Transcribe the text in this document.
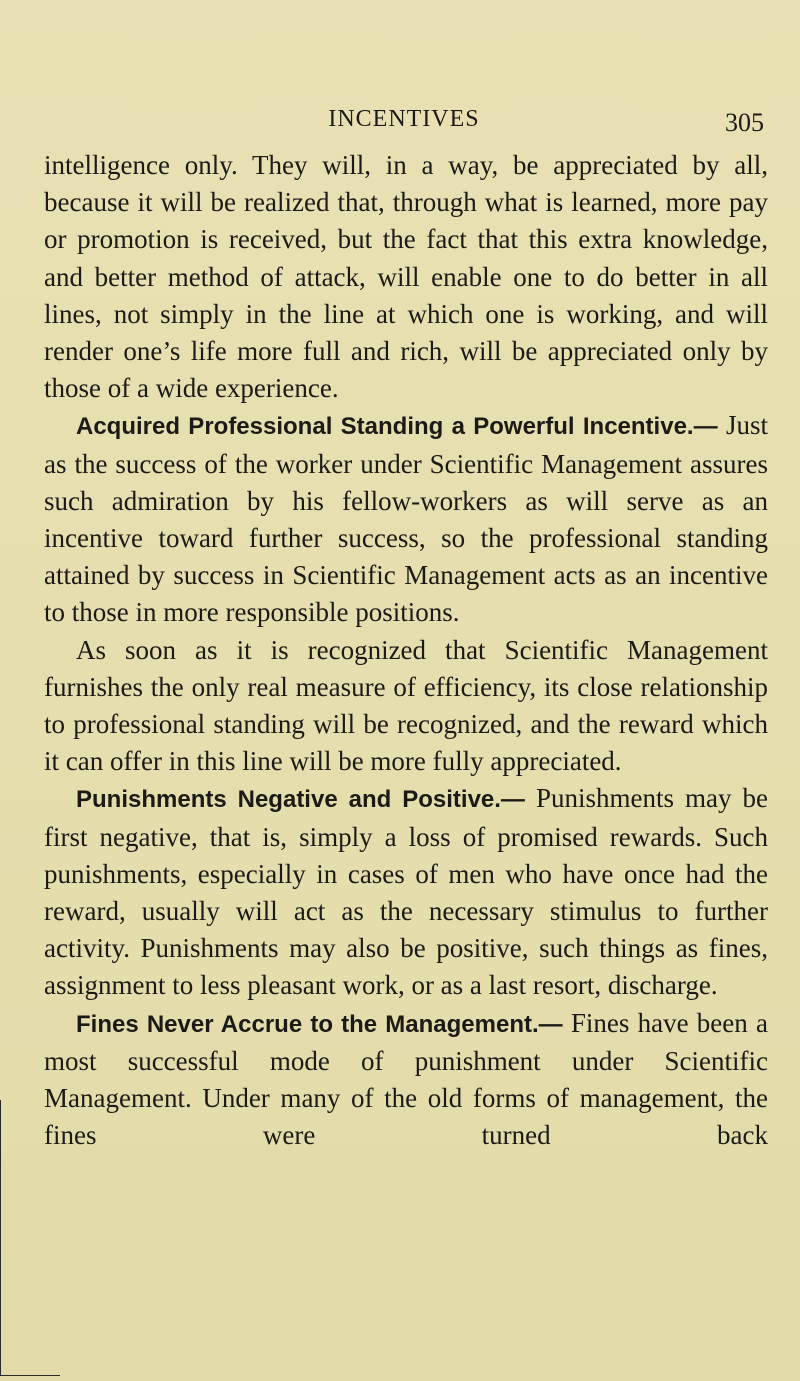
INCENTIVES	305

intelligence only. They will, in a way, be appreciated by all, because it will be realized that, through what is learned, more pay or promotion is received, but the fact that this extra knowledge, and better method of attack, will enable one to do better in all lines, not simply in the line at which one is working, and will render one’s life more full and rich, will be appreciated only by those of a wide experience.

Acquired Professional Standing a Powerful Incentive.— Just as the success of the worker under Scientific Management assures such admiration by his fellow-workers as will serve as an incentive toward further success, so the professional standing attained by success in Scientific Management acts as an incentive to those in more responsible positions.

As soon as it is recognized that Scientific Management furnishes the only real measure of efficiency, its close relationship to professional standing will be recognized, and the reward which it can offer in this line will be more fully appreciated.

Punishments Negative and Positive.— Punishments may be first negative, that is, simply a loss of promised rewards. Such punishments, especially in cases of men who have once had the reward, usually will act as the necessary stimulus to further activity. Punishments may also be positive, such things as fines, assignment to less pleasant work, or as a last resort, discharge.

Fines Never Accrue to the Management.— Fines have been a most successful mode of punishment under Scientific Management. Under many of the old forms of management, the fines were turned back
